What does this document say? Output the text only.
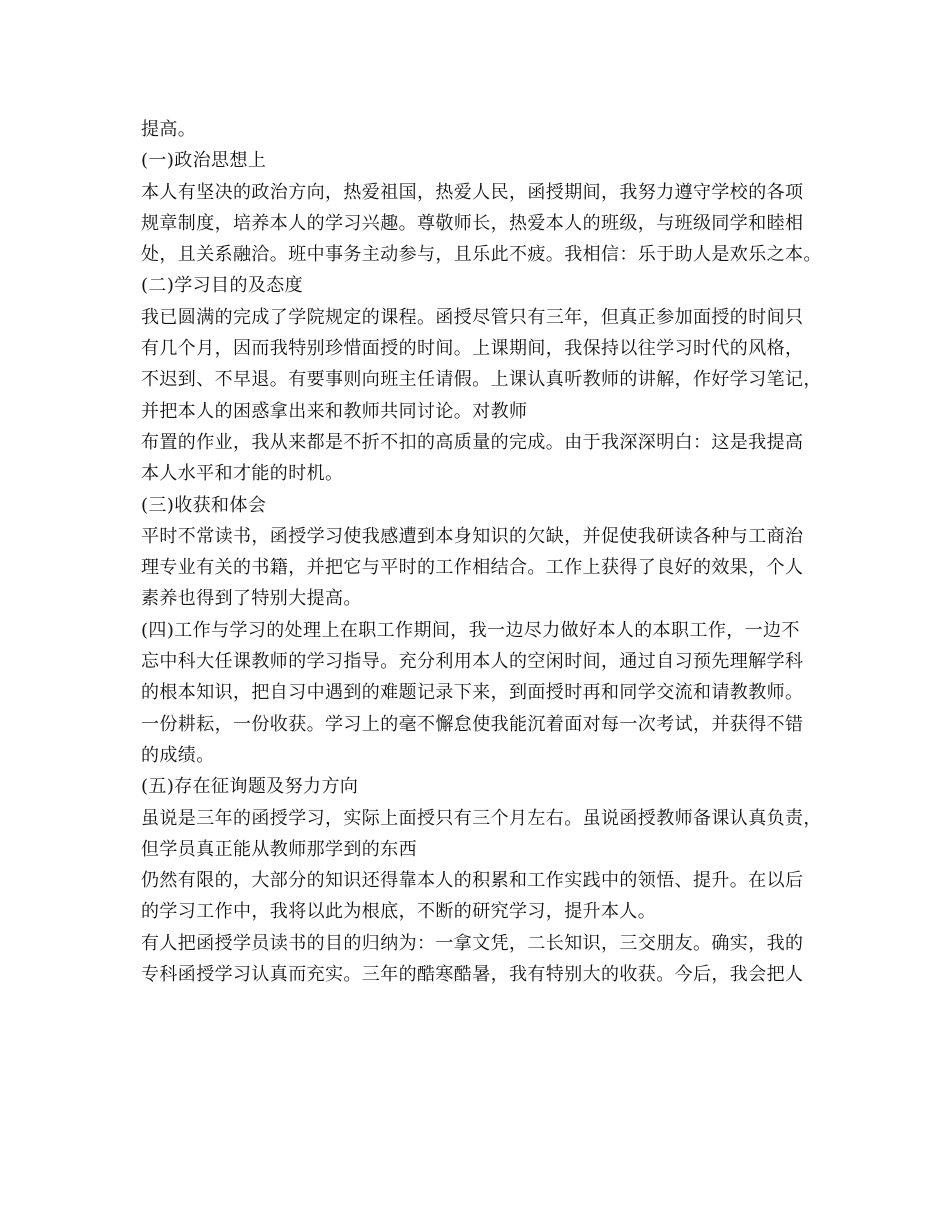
提高。
(一)政治思想上
本人有坚决的政治方向，热爱祖国，热爱人民，函授期间，我努力遵守学校的各项
规章制度，培养本人的学习兴趣。尊敬师长，热爱本人的班级，与班级同学和睦相
处，且关系融洽。班中事务主动参与，且乐此不疲。我相信：乐于助人是欢乐之本。
(二)学习目的及态度
我已圆满的完成了学院规定的课程。函授尽管只有三年，但真正参加面授的时间只
有几个月，因而我特别珍惜面授的时间。上课期间，我保持以往学习时代的风格，
不迟到、不早退。有要事则向班主任请假。上课认真听教师的讲解，作好学习笔记，
并把本人的困惑拿出来和教师共同讨论。对教师
布置的作业，我从来都是不折不扣的高质量的完成。由于我深深明白：这是我提高
本人水平和才能的时机。
(三)收获和体会
平时不常读书，函授学习使我感遭到本身知识的欠缺，并促使我研读各种与工商治
理专业有关的书籍，并把它与平时的工作相结合。工作上获得了良好的效果，个人
素养也得到了特别大提高。
(四)工作与学习的处理上在职工作期间，我一边尽力做好本人的本职工作，一边不
忘中科大任课教师的学习指导。充分利用本人的空闲时间，通过自习预先理解学科
的根本知识，把自习中遇到的难题记录下来，到面授时再和同学交流和请教教师。
一份耕耘，一份收获。学习上的毫不懈怠使我能沉着面对每一次考试，并获得不错
的成绩。
(五)存在征询题及努力方向
虽说是三年的函授学习，实际上面授只有三个月左右。虽说函授教师备课认真负责，
但学员真正能从教师那学到的东西
仍然有限的，大部分的知识还得靠本人的积累和工作实践中的领悟、提升。在以后
的学习工作中，我将以此为根底，不断的研究学习，提升本人。
有人把函授学员读书的目的归纳为：一拿文凭，二长知识，三交朋友。确实，我的
专科函授学习认真而充实。三年的酷寒酷暑，我有特别大的收获。今后，我会把人
